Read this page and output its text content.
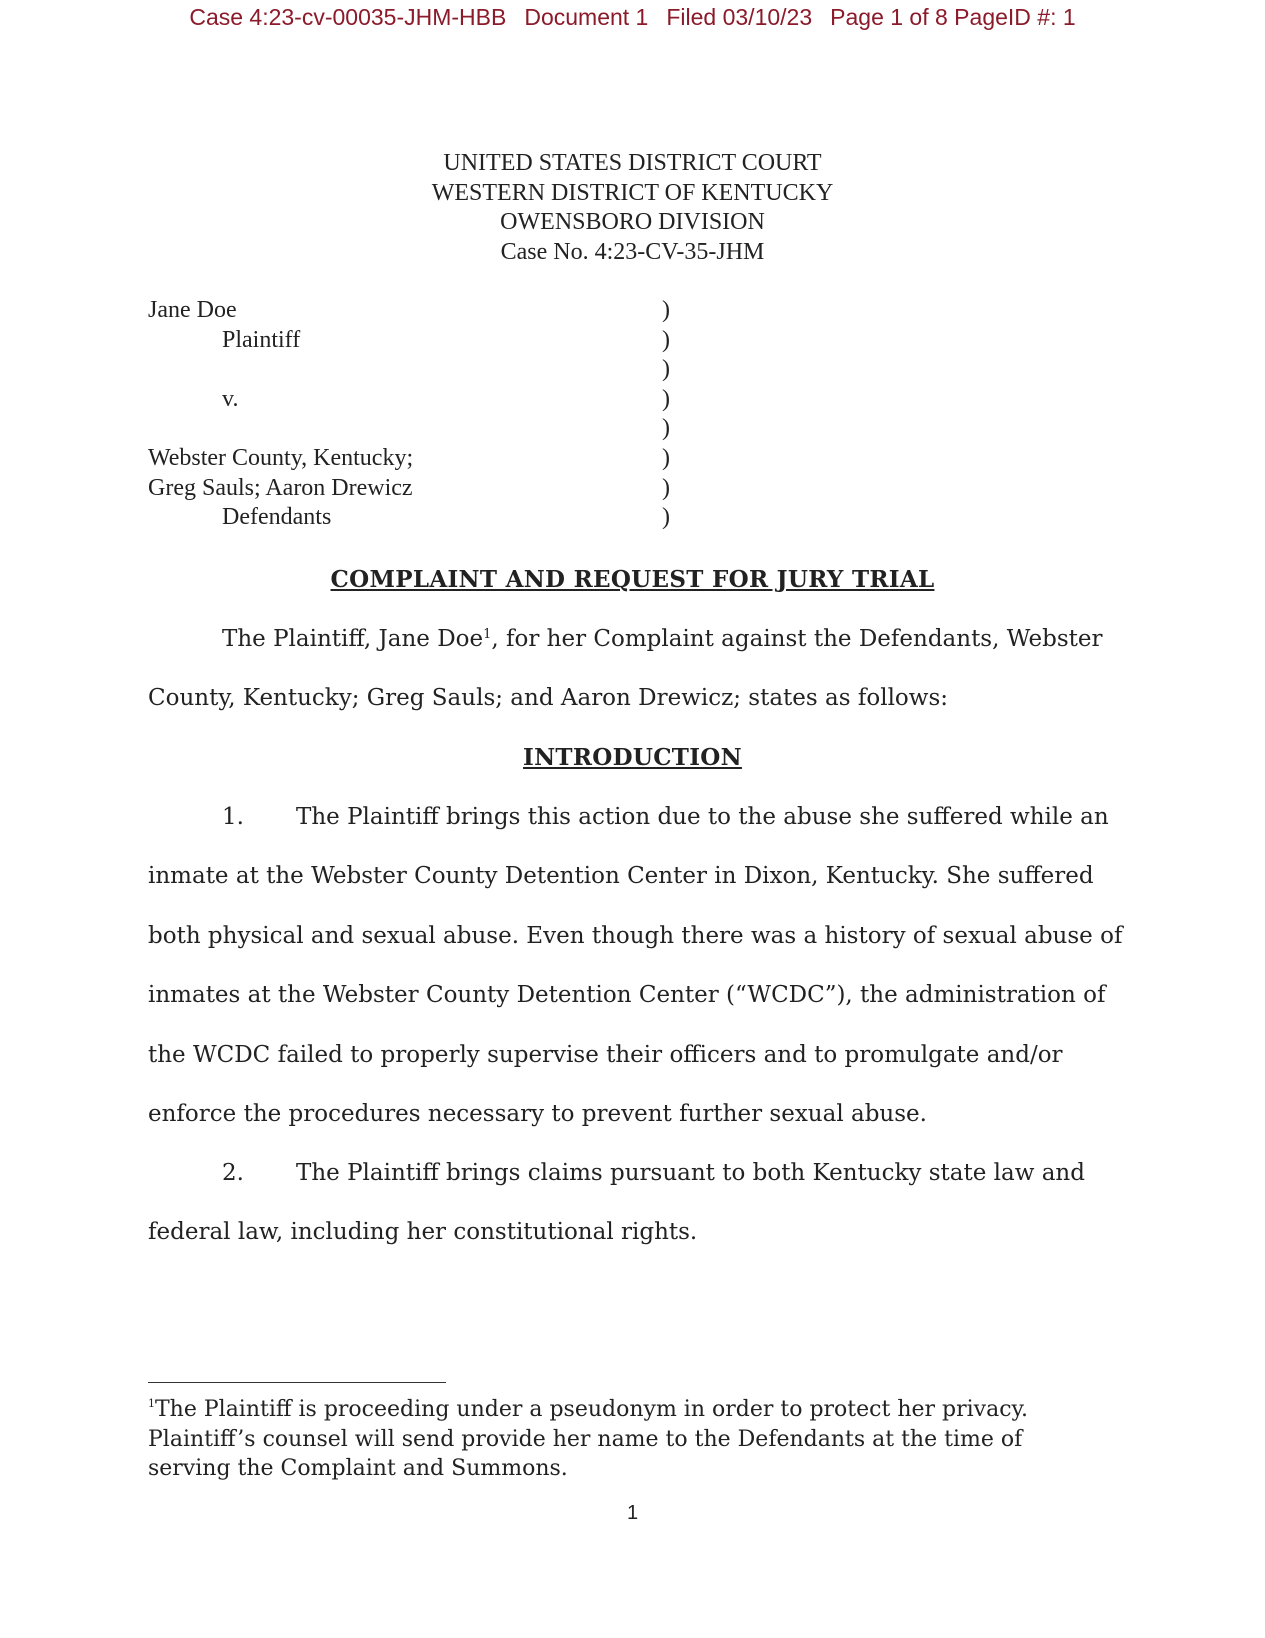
Case 4:23-cv-00035-JHM-HBB Document 1 Filed 03/10/23 Page 1 of 8 PageID #: 1
UNITED STATES DISTRICT COURT
WESTERN DISTRICT OF KENTUCKY
OWENSBORO DIVISION
Case No. 4:23-CV-35-JHM
Jane Doe
Plaintiff
v.
Webster County, Kentucky;
Greg Sauls; Aaron Drewicz
Defendants
)
)
)
)
)
)
)
)
COMPLAINT AND REQUEST FOR JURY TRIAL
The Plaintiff, Jane Doe$^1$, for her Complaint against the Defendants, Webster
County, Kentucky; Greg Sauls; and Aaron Drewicz; states as follows:
INTRODUCTION
1. The Plaintiff brings this action due to the abuse she suffered while an
inmate at the Webster County Detention Center in Dixon, Kentucky. She suffered
both physical and sexual abuse. Even though there was a history of sexual abuse of
inmates at the Webster County Detention Center (“WCDC”), the administration of
the WCDC failed to properly supervise their officers and to promulgate and/or
enforce the procedures necessary to prevent further sexual abuse.
2. The Plaintiff brings claims pursuant to both Kentucky state law and
federal law, including her constitutional rights.
$^1$The Plaintiff is proceeding under a pseudonym in order to protect her privacy.
Plaintiff’s counsel will send provide her name to the Defendants at the time of
serving the Complaint and Summons.
1
